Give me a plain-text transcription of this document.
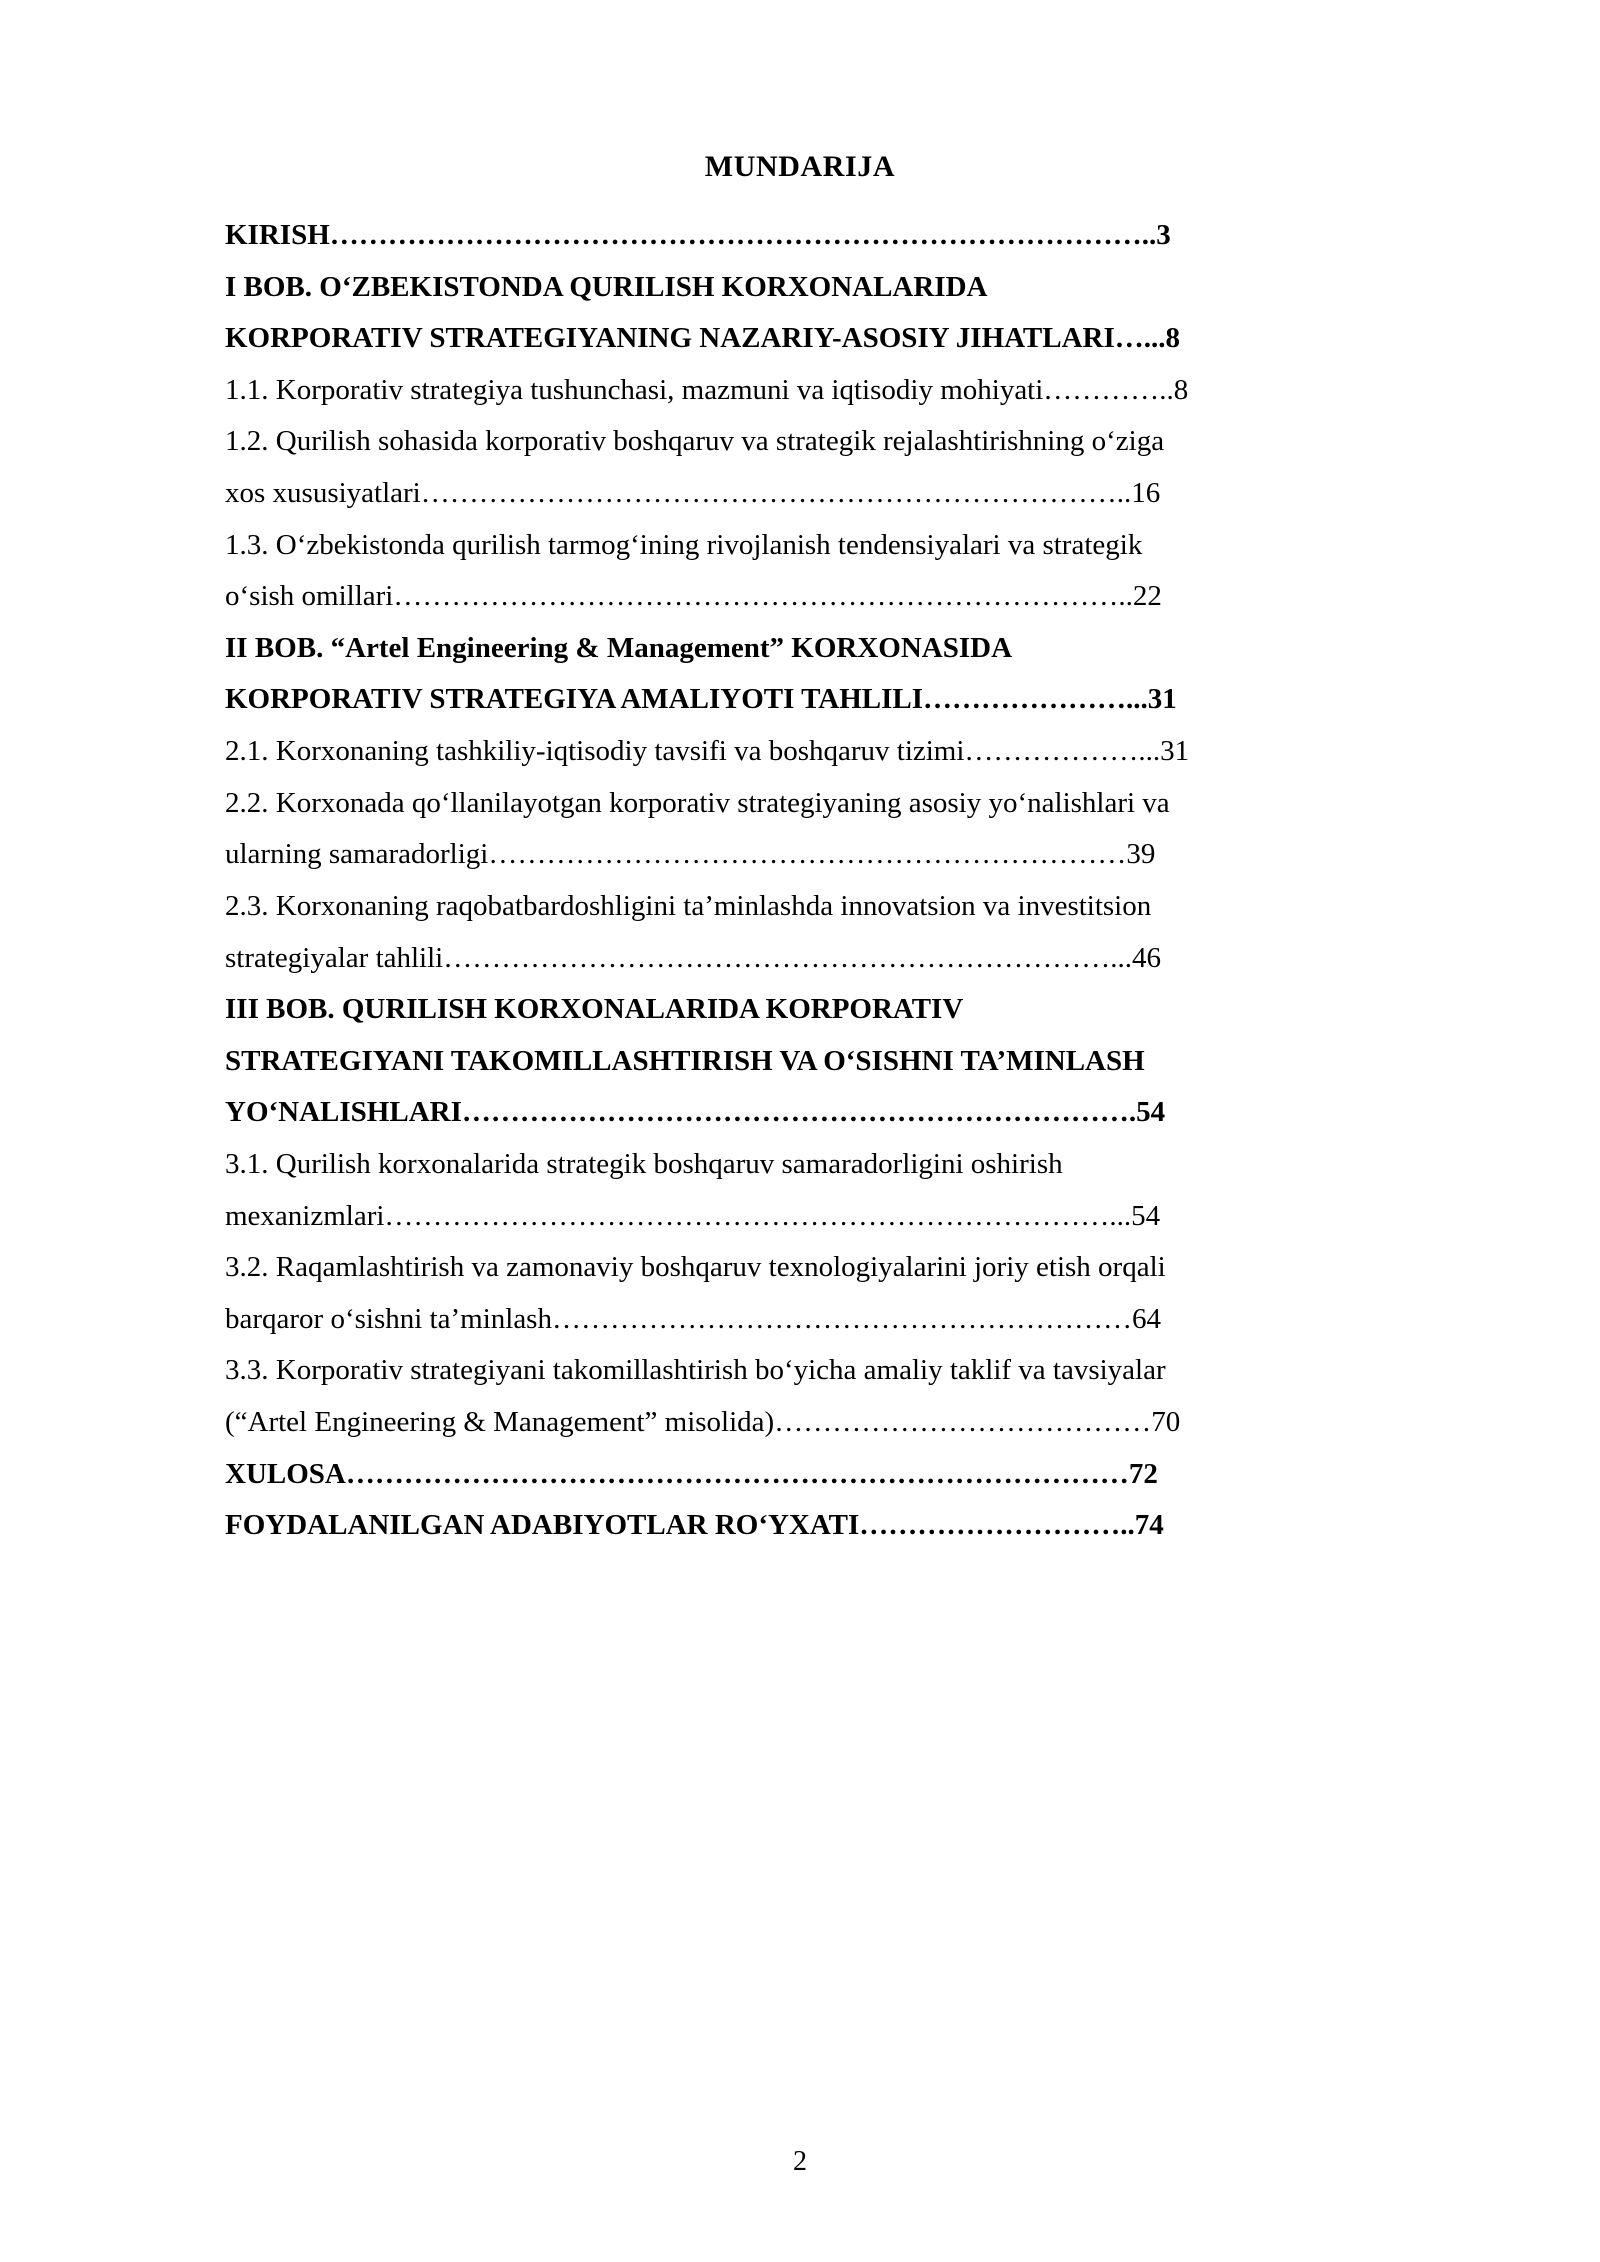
MUNDARIJA
KIRISH…………………………………………………………………………..3
I BOB. O‘ZBEKISTONDA QURILISH KORXONALARIDA
KORPORATIV STRATEGIYANING NAZARIY-ASOSIY JIHATLARI…...8
1.1. Korporativ strategiya tushunchasi, mazmuni va iqtisodiy mohiyati…………..8
1.2. Qurilish sohasida korporativ boshqaruv va strategik rejalashtirishning o‘ziga
xos xususiyatlari………………………………………………………………..16
1.3. O‘zbekistonda qurilish tarmog‘ining rivojlanish tendensiyalari va strategik
o‘sish omillari…………………………………………………………………..22
II BOB. “Artel Engineering & Management” KORXONASIDA
KORPORATIV STRATEGIYA AMALIYOTI TAHLILI…………………...31
2.1. Korxonaning tashkiliy-iqtisodiy tavsifi va boshqaruv tizimi………………...31
2.2. Korxonada qo‘llanilayotgan korporativ strategiyaning asosiy yo‘nalishlari va
ularning samaradorligi…………………………………………………………39
2.3. Korxonaning raqobatbardoshligini ta’minlashda innovatsion va investitsion
strategiyalar tahlili……………………………………………………………...46
III BOB. QURILISH KORXONALARIDA KORPORATIV
STRATEGIYANI TAKOMILLASHTIRISH VA O‘SISHNI TA’MINLASH
YO‘NALISHLARI…………………………………………………………….54
3.1. Qurilish korxonalarida strategik boshqaruv samaradorligini oshirish
mexanizmlari…………………………………………………………………...54
3.2. Raqamlashtirish va zamonaviy boshqaruv texnologiyalarini joriy etish orqali
barqaror o‘sishni ta’minlash……………………………………………………64
3.3. Korporativ strategiyani takomillashtirish bo‘yicha amaliy taklif va tavsiyalar
(“Artel Engineering & Management” misolida)…………………………………70
XULOSA………………………………………………………………………72
FOYDALANILGAN ADABIYOTLAR RO‘YXATI………………………..74
2
